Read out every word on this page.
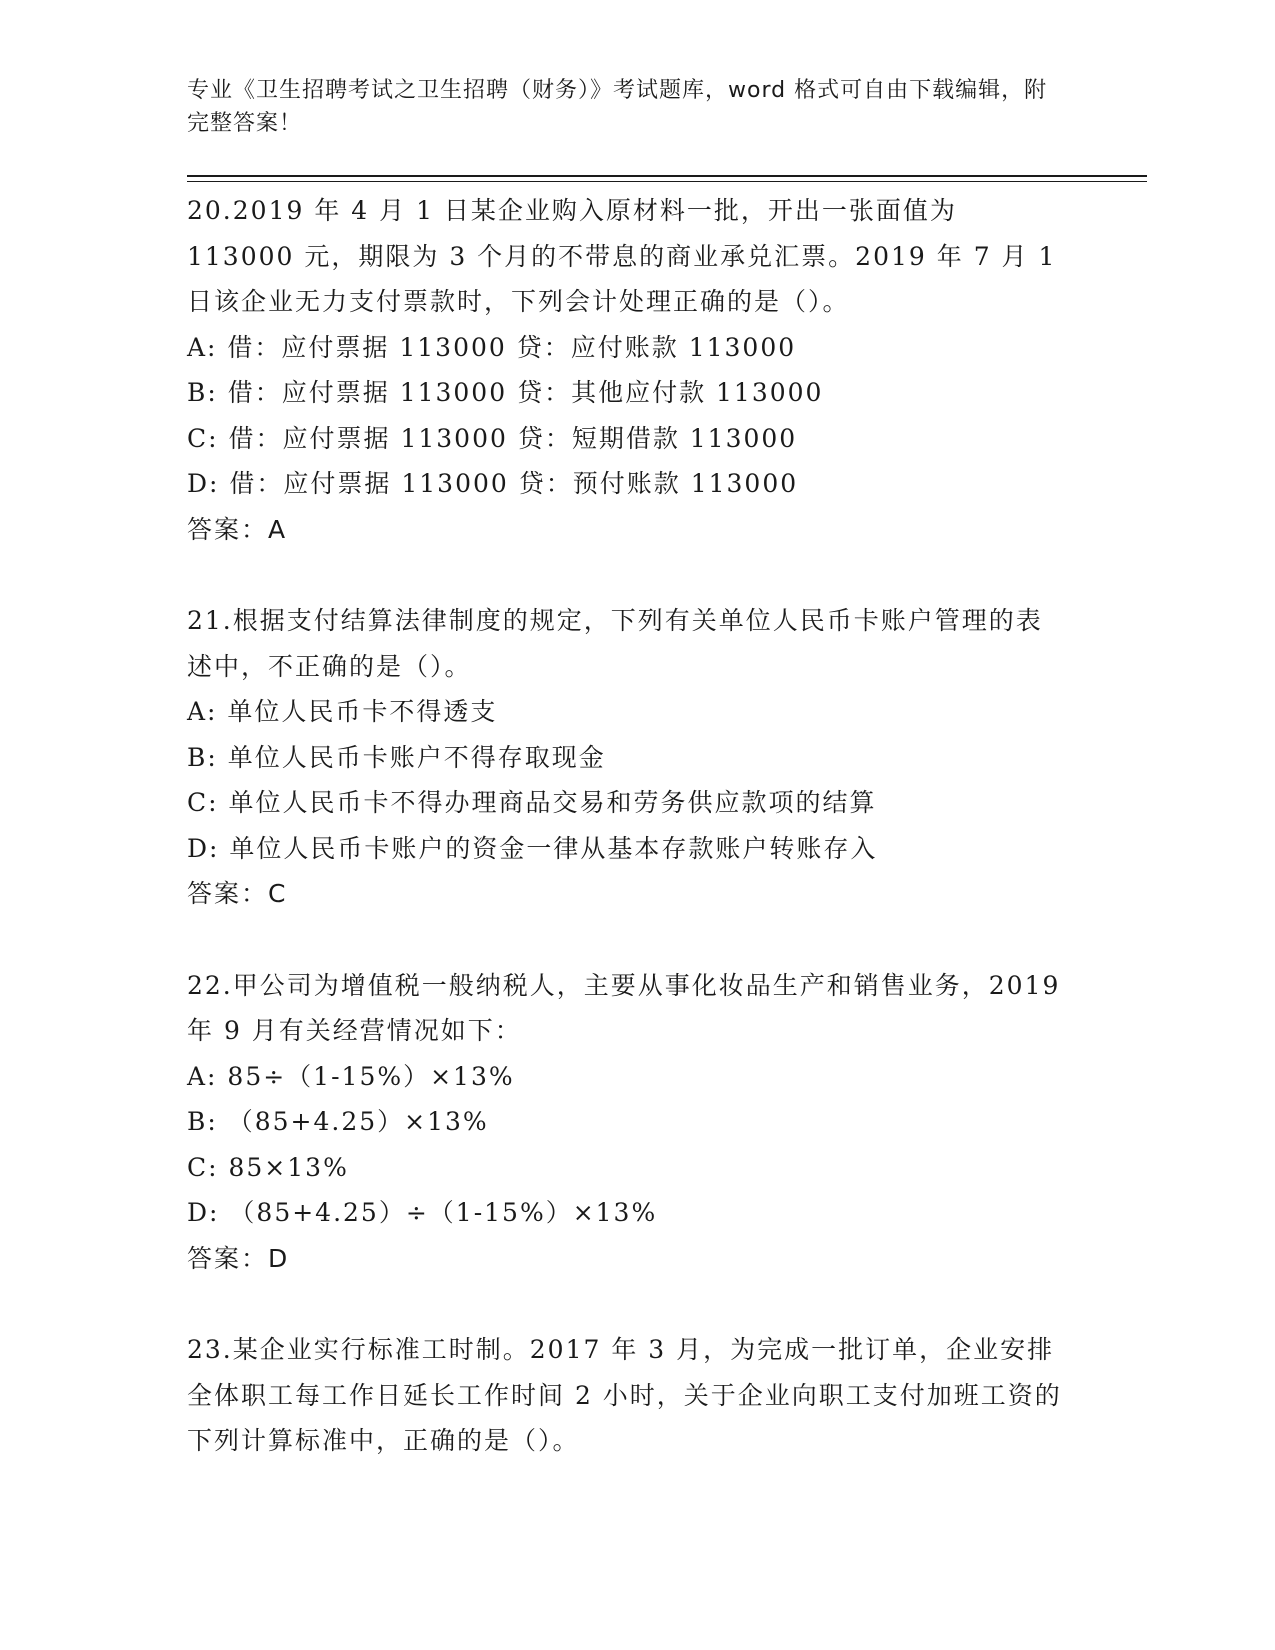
专业《卫生招聘考试之卫生招聘（财务）》考试题库，word 格式可自由下载编辑，附完整答案！
20.2019 年 4 月 1 日某企业购入原材料一批，开出一张面值为 113000 元，期限为 3 个月的不带息的商业承兑汇票。2019 年 7 月 1 日该企业无力支付票款时，下列会计处理正确的是（）。
A: 借：应付票据 113000 贷：应付账款 113000
B: 借：应付票据 113000 贷：其他应付款 113000
C: 借：应付票据 113000 贷：短期借款 113000
D: 借：应付票据 113000 贷：预付账款 113000
答案：A
21.根据支付结算法律制度的规定，下列有关单位人民币卡账户管理的表述中，不正确的是（）。
A: 单位人民币卡不得透支
B: 单位人民币卡账户不得存取现金
C: 单位人民币卡不得办理商品交易和劳务供应款项的结算
D: 单位人民币卡账户的资金一律从基本存款账户转账存入
答案：C
22.甲公司为增值税一般纳税人，主要从事化妆品生产和销售业务，2019 年 9 月有关经营情况如下：
A: 85÷（1-15%）×13%
B: （85+4.25）×13%
C: 85×13%
D: （85+4.25）÷（1-15%）×13%
答案：D
23.某企业实行标准工时制。2017 年 3 月，为完成一批订单，企业安排全体职工每工作日延长工作时间 2 小时，关于企业向职工支付加班工资的下列计算标准中，正确的是（）。
